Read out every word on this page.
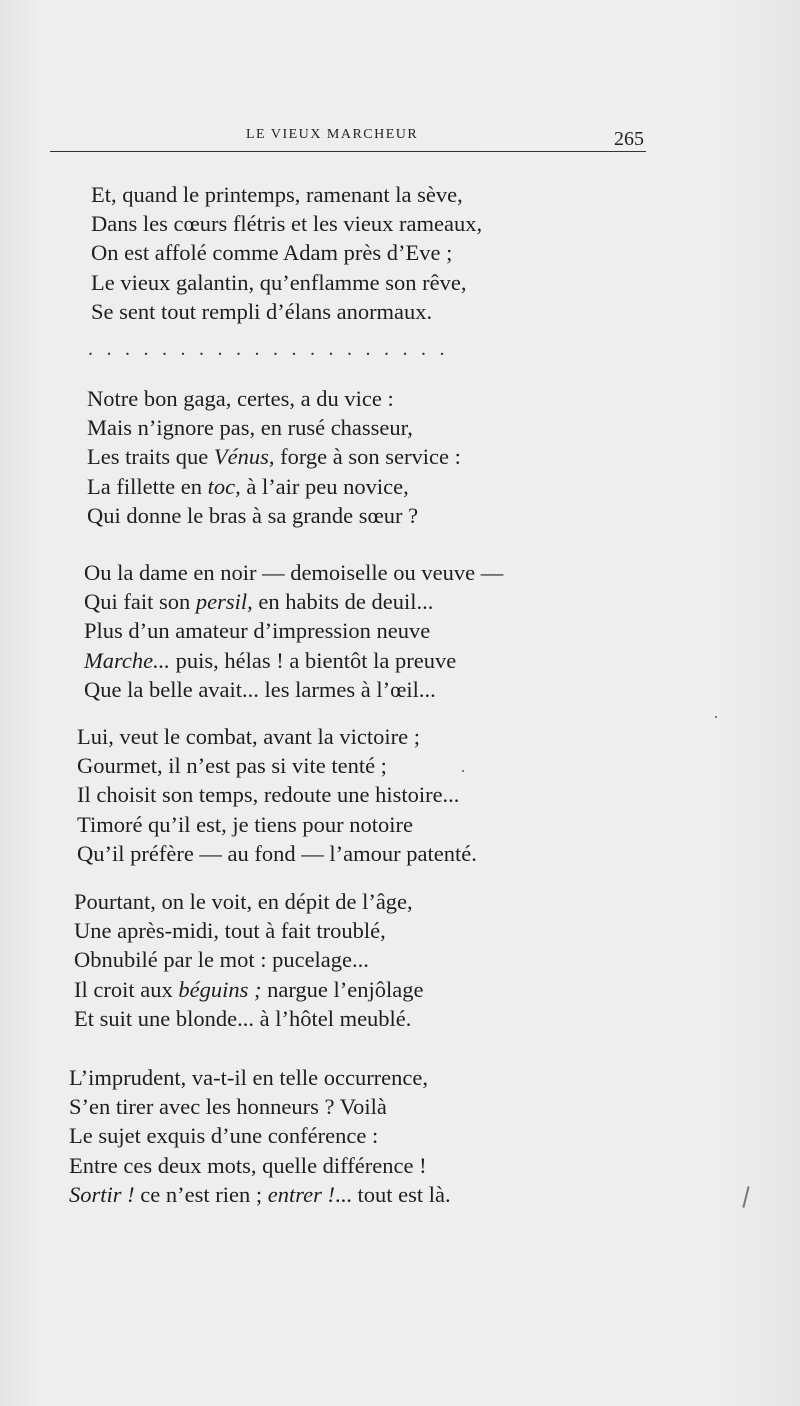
LE VIEUX MARCHEUR	265
Et, quand le printemps, ramenant la sève,
Dans les cœurs flétris et les vieux rameaux,
On est affolé comme Adam près d’Eve ;
Le vieux galantin, qu’enflamme son rêve,
Se sent tout rempli d’élans anormaux.
....................
Notre bon gaga, certes, a du vice :
Mais n’ignore pas, en rusé chasseur,
Les traits que Vénus, forge à son service :
La fillette en toc, à l’air peu novice,
Qui donne le bras à sa grande sœur ?
Ou la dame en noir — demoiselle ou veuve —
Qui fait son persil, en habits de deuil...
Plus d’un amateur d’impression neuve
Marche... puis, hélas ! a bientôt la preuve
Que la belle avait... les larmes à l’œil...
Lui, veut le combat, avant la victoire ;
Gourmet, il n’est pas si vite tenté ;
Il choisit son temps, redoute une histoire...
Timoré qu’il est, je tiens pour notoire
Qu’il préfère — au fond — l’amour patenté.
Pourtant, on le voit, en dépit de l’âge,
Une après-midi, tout à fait troublé,
Obnubilé par le mot : pucelage...
Il croit aux béguins ; nargue l’enjôlage
Et suit une blonde... à l’hôtel meublé.
L’imprudent, va-t-il en telle occurrence,
S’en tirer avec les honneurs ? Voilà
Le sujet exquis d’une conférence :
Entre ces deux mots, quelle différence !
Sortir ! ce n’est rien ; entrer !... tout est là.
